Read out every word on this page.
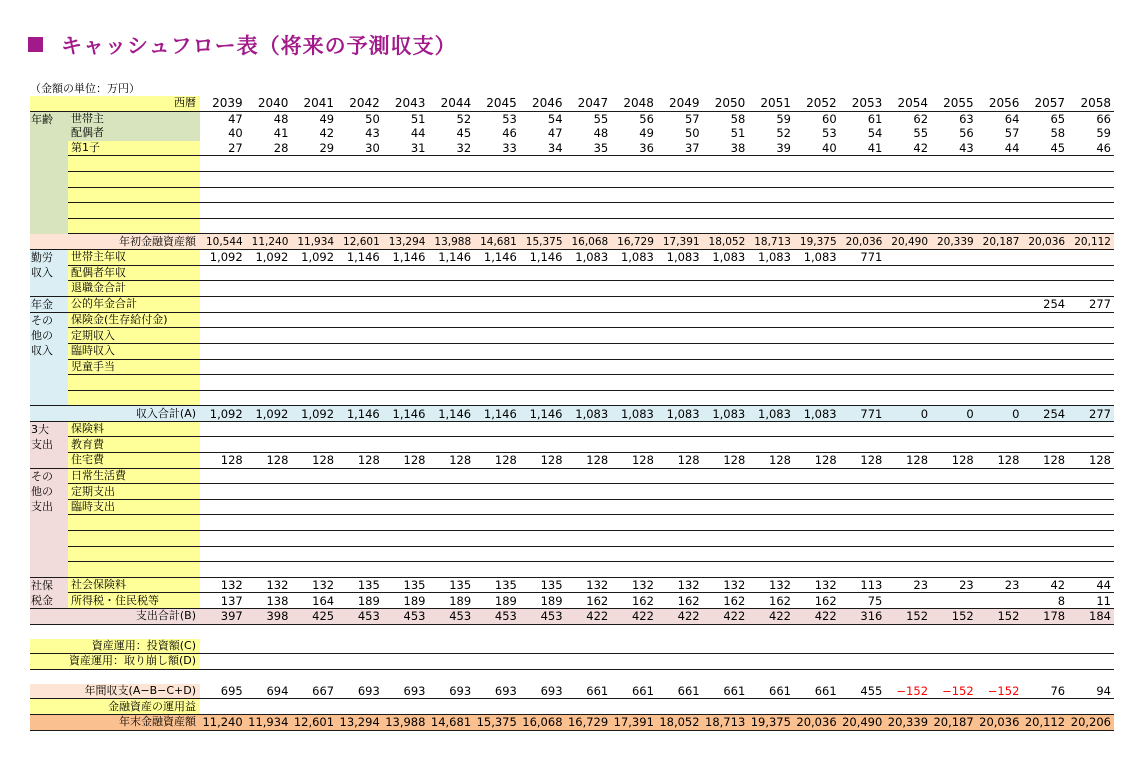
キャッシュフロー表（将来の予測収支）
（金額の単位：万円）
西暦		2039	2040	2041	2042	2043	2044	2045	2046	2047	2048	2049	2050	2051	2052	2053	2054	2055	2056	2057	2058

年齢	世帯主	47	48	49	50	51	52	53	54	55	56	57	58	59	60	61	62	63	64	65	66
	配偶者	40	41	42	43	44	45	46	47	48	49	50	51	52	53	54	55	56	57	58	59
	第1子	27	28	29	30	31	32	33	34	35	36	37	38	39	40	41	42	43	44	45	46

年初金融資産額		10,544	11,240	11,934	12,601	13,294	13,988	14,681	15,375	16,068	16,729	17,391	18,052	18,713	19,375	20,036	20,490	20,339	20,187	20,036	20,112

勤労
収入	世帯主年収	1,092	1,092	1,092	1,146	1,146	1,146	1,146	1,146	1,083	1,083	1,083	1,083	1,083	1,083	771					
	配偶者年収																				
	退職金合計																				

年金	公的年金合計																			254	277

その
他の
収入	保険金(生存給付金)																				
	定期収入																				
	臨時収入																				
	児童手当																				

収入合計(A)		1,092	1,092	1,092	1,146	1,146	1,146	1,146	1,146	1,083	1,083	1,083	1,083	1,083	1,083	771	0	0	0	254	277

3大
支出	保険料																				
	教育費																				
	住宅費	128	128	128	128	128	128	128	128	128	128	128	128	128	128	128	128	128	128	128	128

その
他の
支出	日常生活費																				
	定期支出																				
	臨時支出																				

社保
税金	社会保険料	132	132	132	135	135	135	135	135	132	132	132	132	132	132	113	23	23	23	42	44
	所得税・住民税等	137	138	164	189	189	189	189	189	162	162	162	162	162	162	75				8	11
支出合計(B)		397	398	425	453	453	453	453	453	422	422	422	422	422	422	316	152	152	152	178	184

資産運用：投資額(C)																					
資産運用：取り崩し額(D)																					

年間収支(A−B−C+D)		695	694	667	693	693	693	693	693	661	661	661	661	661	661	455	−152	−152	−152	76	94
金融資産の運用益																					
年末金融資産額		11,240	11,934	12,601	13,294	13,988	14,681	15,375	16,068	16,729	17,391	18,052	18,713	19,375	20,036	20,490	20,339	20,187	20,036	20,112	20,206
